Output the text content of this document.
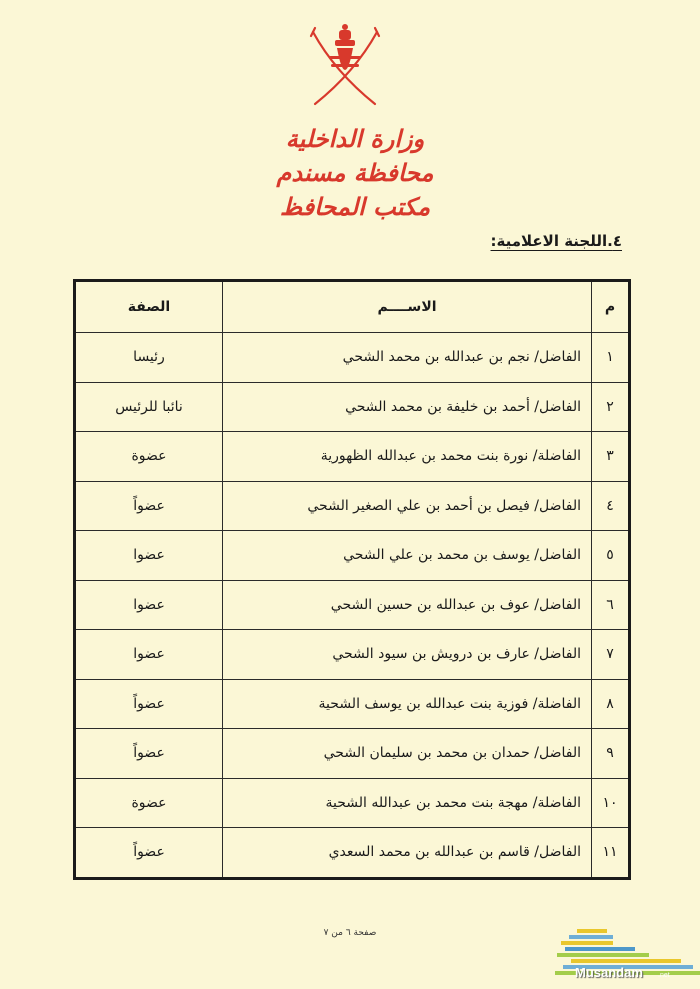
وزارة الداخلية
محافظة مسندم
مكتب المحافظ
٤.اللجنة الاعلامية:
م	الاســــم	الصفة
١	الفاضل/ نجم بن عبدالله بن محمد الشحي	رئيسا
٢	الفاضل/ أحمد بن خليفة بن محمد الشحي	نائبا للرئيس
٣	الفاضلة/ نورة بنت محمد بن عبدالله الظهورية	عضوة
٤	الفاضل/ فيصل بن أحمد بن علي الصغير الشحي	عضواً
٥	الفاضل/ يوسف بن محمد بن علي الشحي	عضوا
٦	الفاضل/ عوف بن عبدالله بن حسين الشحي	عضوا
٧	الفاضل/ عارف بن درويش بن سيود الشحي	عضوا
٨	الفاضلة/ فوزية بنت عبدالله بن يوسف الشحية	عضواً
٩	الفاضل/ حمدان بن محمد بن سليمان الشحي	عضواً
١٠	الفاضلة/ مهجة بنت محمد بن عبدالله الشحية	عضوة
١١	الفاضل/ قاسم بن عبدالله بن محمد السعدي	عضواً
صفحة ٦ من ٧
Musandam .net
